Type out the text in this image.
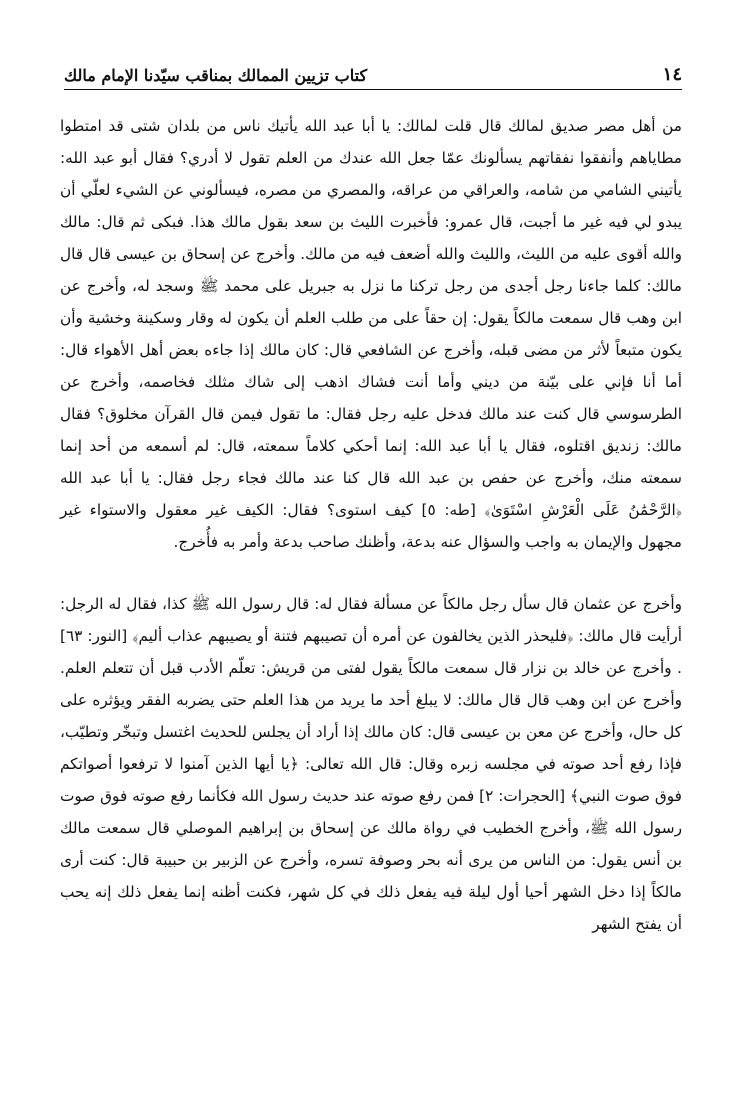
١٤
كتاب تزيين الممالك بمناقب سيّدنا الإمام مالك

من أهل مصر صديق لمالك قال قلت لمالك: يا أبا عبد الله يأتيك ناس من بلدان شتى قد امتطوا مطاياهم وأنفقوا نفقاتهم يسألونك عمّا جعل الله عندك من العلم تقول لا أدري؟ فقال أبو عبد الله: يأتيني الشامي من شامه، والعراقي من عراقه، والمصري من مصره، فيسألوني عن الشيء لعلّي أن يبدو لي فيه غير ما أجبت، قال عمرو: فأخبرت الليث بن سعد بقول مالك هذا. فبكى ثم قال: مالك والله أقوى عليه من الليث، والليث والله أضعف فيه من مالك. وأخرج عن إسحاق بن عيسى قال قال مالك: كلما جاءنا رجل أجدى من رجل تركنا ما نزل به جبريل على محمد ﷺ وسجد له، وأخرج عن ابن وهب قال سمعت مالكاً يقول: إن حقاً على من طلب العلم أن يكون له وقار وسكينة وخشية وأن يكون متبعاً لأثر من مضى قبله، وأخرج عن الشافعي قال: كان مالك إذا جاءه بعض أهل الأهواء قال: أما أنا فإني على بيّنة من ديني وأما أنت فشاك اذهب إلى شاك مثلك فخاصمه، وأخرج عن الطرسوسي قال كنت عند مالك فدخل عليه رجل فقال: ما تقول فيمن قال القرآن مخلوق؟ فقال مالك: زنديق اقتلوه، فقال يا أبا عبد الله: إنما أحكي كلاماً سمعته، قال: لم أسمعه من أحد إنما سمعته منك، وأخرج عن حفص بن عبد الله قال كنا عند مالك فجاء رجل فقال: يا أبا عبد الله ﴿الرَّحْمَٰنُ عَلَى الْعَرْشِ اسْتَوَىٰ﴾ [طه: ٥] كيف استوى؟ فقال: الكيف غير معقول والاستواء غير مجهول والإيمان به واجب والسؤال عنه بدعة، وأظنك صاحب بدعة وأمر به فأُخرج.

وأخرج عن عثمان قال سأل رجل مالكاً عن مسألة فقال له: قال رسول الله ﷺ كذا، فقال له الرجل: أرأيت قال مالك: ﴿فليحذر الذين يخالفون عن أمره أن تصيبهم فتنة أو يصيبهم عذاب أليم﴾ [النور: ٦٣] . وأخرج عن خالد بن نزار قال سمعت مالكاً يقول لفتى من قريش: تعلّم الأدب قبل أن تتعلم العلم. وأخرج عن ابن وهب قال قال مالك: لا يبلغ أحد ما يريد من هذا العلم حتى يضربه الفقر ويؤثره على كل حال، وأخرج عن معن بن عيسى قال: كان مالك إذا أراد أن يجلس للحديث اغتسل وتبخّر وتطيّب، فإذا رفع أحد صوته في مجلسه زبره وقال: قال الله تعالى: ﴿يا أيها الذين آمنوا لا ترفعوا أصواتكم فوق صوت النبي﴾ [الحجرات: ٢] فمن رفع صوته عند حديث رسول الله فكأنما رفع صوته فوق صوت رسول الله ﷺ، وأخرج الخطيب في رواة مالك عن إسحاق بن إبراهيم الموصلي قال سمعت مالك بن أنس يقول: من الناس من يرى أنه بحر وصوفة تسره، وأخرج عن الزبير بن حبيبة قال: كنت أرى مالكاً إذا دخل الشهر أحيا أول ليلة فيه يفعل ذلك في كل شهر، فكنت أظنه إنما يفعل ذلك إنه يحب أن يفتح الشهر
